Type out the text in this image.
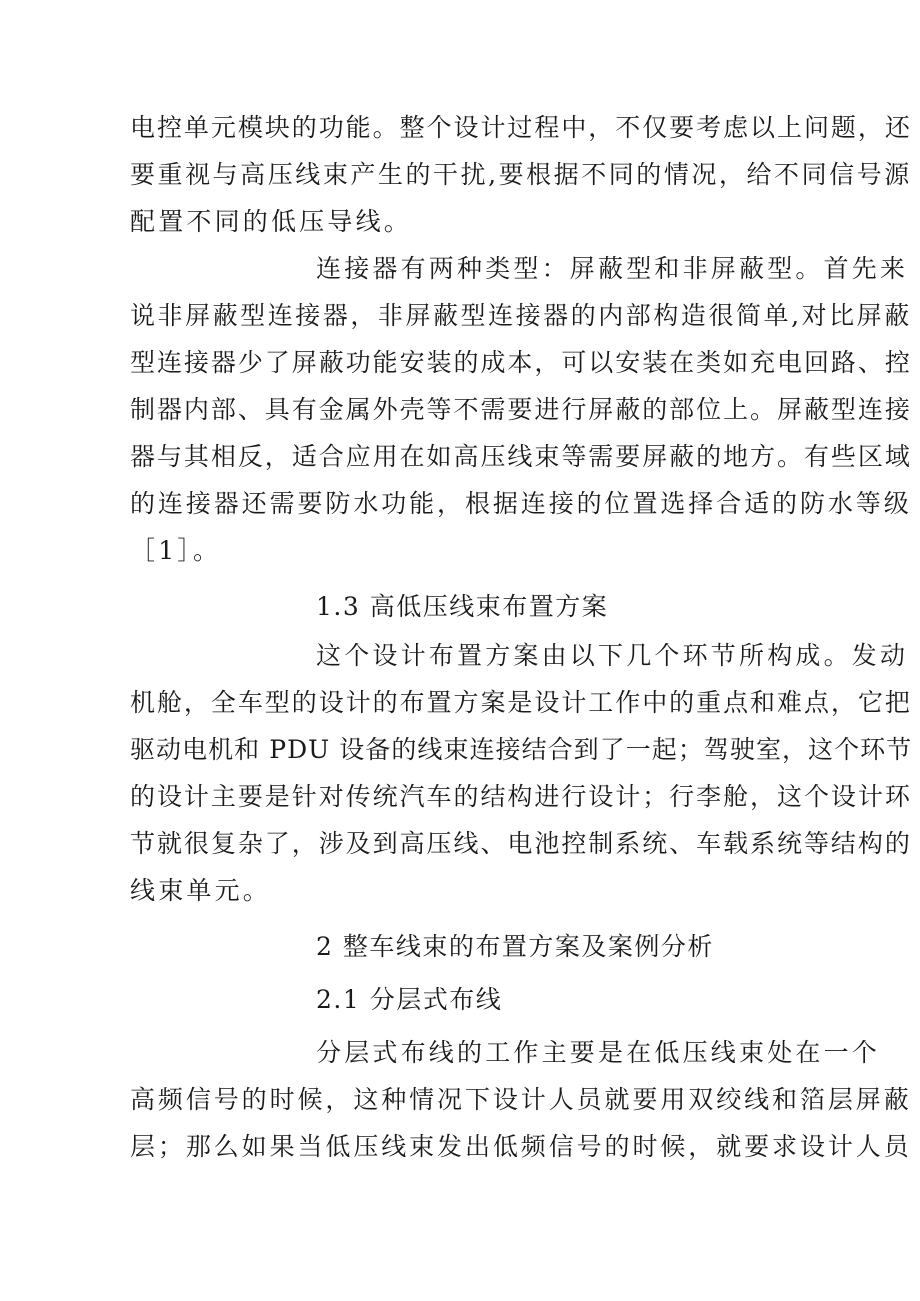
电控单元模块的功能。整个设计过程中，不仅要考虑以上问题，还
要重视与高压线束产生的干扰,要根据不同的情况，给不同信号源
配置不同的低压导线。
连接器有两种类型：屏蔽型和非屏蔽型。首先来
说非屏蔽型连接器，非屏蔽型连接器的内部构造很简单,对比屏蔽
型连接器少了屏蔽功能安装的成本，可以安装在类如充电回路、控
制器内部、具有金属外壳等不需要进行屏蔽的部位上。屏蔽型连接
器与其相反，适合应用在如高压线束等需要屏蔽的地方。有些区域
的连接器还需要防水功能，根据连接的位置选择合适的防水等级
［1］。
1.3 高低压线束布置方案
这个设计布置方案由以下几个环节所构成。发动
机舱，全车型的设计的布置方案是设计工作中的重点和难点，它把
驱动电机和 PDU 设备的线束连接结合到了一起；驾驶室，这个环节
的设计主要是针对传统汽车的结构进行设计；行李舱，这个设计环
节就很复杂了，涉及到高压线、电池控制系统、车载系统等结构的
线束单元。
2 整车线束的布置方案及案例分析
2.1 分层式布线
分层式布线的工作主要是在低压线束处在一个
高频信号的时候，这种情况下设计人员就要用双绞线和箔层屏蔽
层；那么如果当低压线束发出低频信号的时候，就要求设计人员
